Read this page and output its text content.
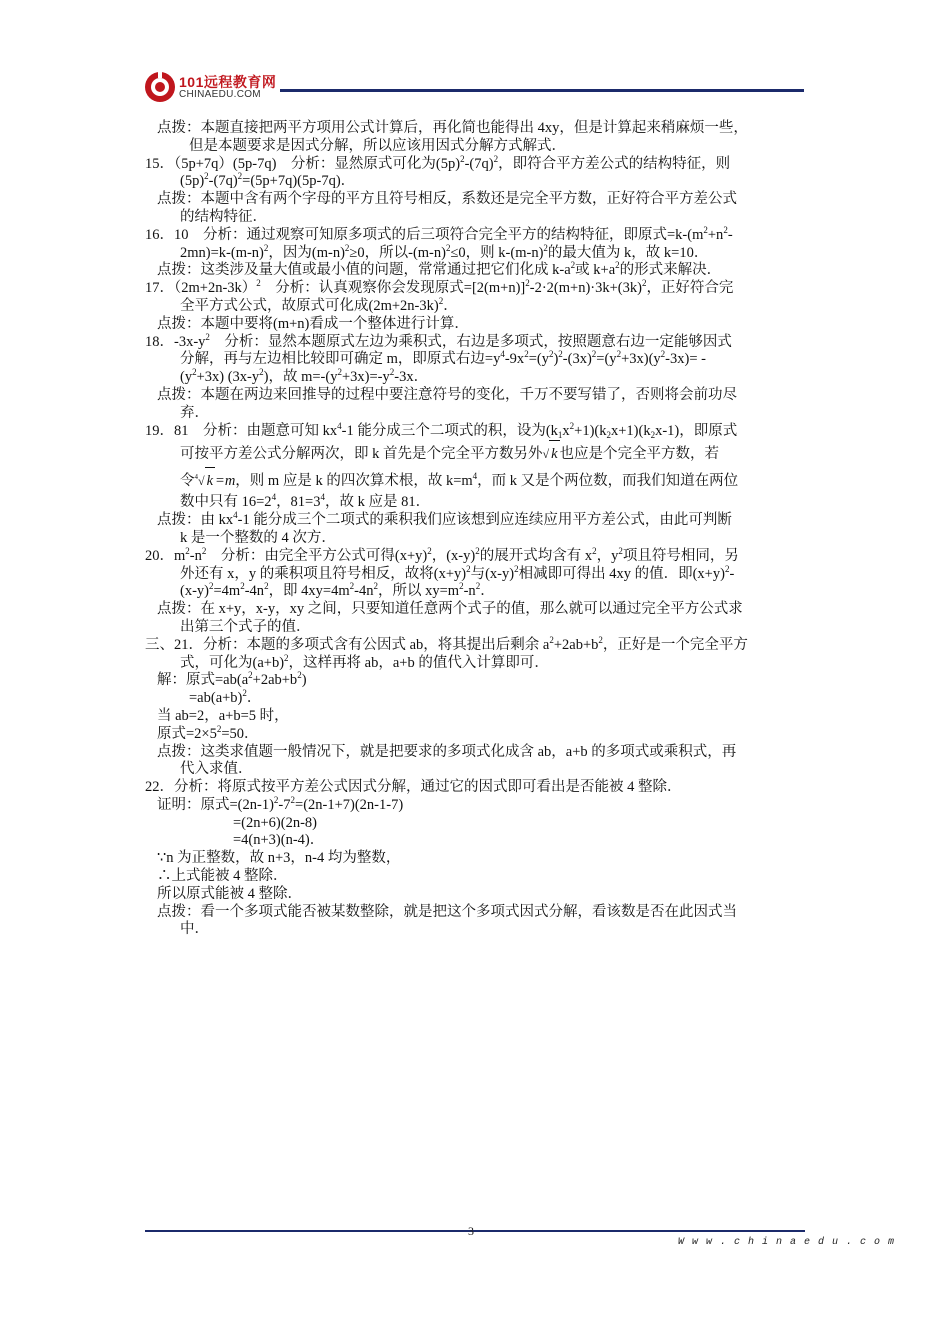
101远程教育网
CHINAEDU.COM

点拨：本题直接把两平方项用公式计算后，再化简也能得出 4xy，但是计算起来稍麻烦一些，

但是本题要求是因式分解，所以应该用因式分解方式解式．

15．（5p+7q）(5p-7q)　分析：显然原式可化为$(5p)^2-(7q)^2$，即符合平方差公式的结构特征，则

$(5p)^2-(7q)^2=(5p+7q)(5p-7q)$．

点拨：本题中含有两个字母的平方且符号相反，系数还是完全平方数，正好符合平方差公式

的结构特征．

16．10　分析：通过观察可知原多项式的后三项符合完全平方的结构特征，即原式$=k-(m^2+n^2-$

$2mn)=k-(m-n)^2$，因为$(m-n)^2\ge 0$，所以$-(m-n)^2\le 0$，则 $k-(m-n)^2$的最大值为 k，故 k=10．

点拨：这类涉及量大值或最小值的问题，常常通过把它们化成 $k-a^2$或 $k+a^2$的形式来解决．

17．$(2m+2n-3k)^2$　分析：认真观察你会发现原式$=[2(m+n)]^2-2\cdot 2(m+n)\cdot 3k+(3k)^2$，正好符合完

全平方式公式，故原式可化成$(2m+2n-3k)^2$．

点拨：本题中要将(m+n)看成一个整体进行计算．

18．$-3x-y^2$　分析：显然本题原式左边为乘积式，右边是多项式，按照题意右边一定能够因式

分解，再与左边相比较即可确定 m，即原式右边$=y^4-9x^2=(y^2)^2-(3x)^2=(y^2+3x)(y^2-3x)=$ -

$(y^2+3x)$ $(3x-y^2)$，故 $m=-(y^2+3x)=-y^2-3x$．

点拨：本题在两边来回推导的过程中要注意符号的变化，千万不要写错了，否则将会前功尽

弃．

19．81　分析：由题意可知 $kx^4-1$ 能分成三个二项式的积，设为$(k_1x^2+1)(k_2x+1)(k_2x-1)$，即原式

可按平方差公式分解两次，即 k 首先是个完全平方数另外√ k 也应是个完全平方数，若

令$^4$√ k =m，则 m 应是 k 的四次算术根，故 $k=m^4$，而 k 又是个两位数，而我们知道在两位

数中只有 $16=2^4$，$81=3^4$，故 k 应是 81．

点拨：由 $kx^4-1$ 能分成三个二项式的乘积我们应该想到应连续应用平方差公式，由此可判断

k 是一个整数的 4 次方．

20．$m^2-n^2$　分析：由完全平方公式可得$(x+y)^2$，$(x-y)^2$的展开式均含有 $x^2$，$y^2$项且符号相同，另

外还有 x，y 的乘积项且符号相反，故将$(x+y)^2$与$(x-y)^2$相减即可得出 4xy 的值．即$(x+y)^2-$

$(x-y)^2=4m^2-4n^2$，即 $4xy=4m^2-4n^2$，所以 $xy=m^2-n^2$．

点拨：在 x+y，x-y，xy 之间，只要知道任意两个式子的值，那么就可以通过完全平方公式求

出第三个式子的值．

三、21．分析：本题的多项式含有公因式 ab，将其提出后剩余 $a^2+2ab+b^2$，正好是一个完全平方

式，可化为$(a+b)^2$，这样再将 ab，a+b 的值代入计算即可．

解：原式$=ab(a^2+2ab+b^2)$

$=ab(a+b)^2$．

当 ab=2，a+b=5 时，

原式$=2\times 5^2=50$．

点拨：这类求值题一般情况下，就是把要求的多项式化成含 ab，a+b 的多项式或乘积式，再

代入求值．

22．分析：将原式按平方差公式因式分解，通过它的因式即可看出是否能被 4 整除．

证明：原式$=(2n-1)^2-7^2=(2n-1+7)(2n-1-7)$

=(2n+6)(2n-8)

=4(n+3)(n-4)．

∵n 为正整数，故 n+3，n-4 均为整数，

∴上式能被 4 整除．

所以原式能被 4 整除．

点拨：看一个多项式能否被某数整除，就是把这个多项式因式分解，看该数是否在此因式当

中．

3
W w w . c h i n a e d u . c o m
